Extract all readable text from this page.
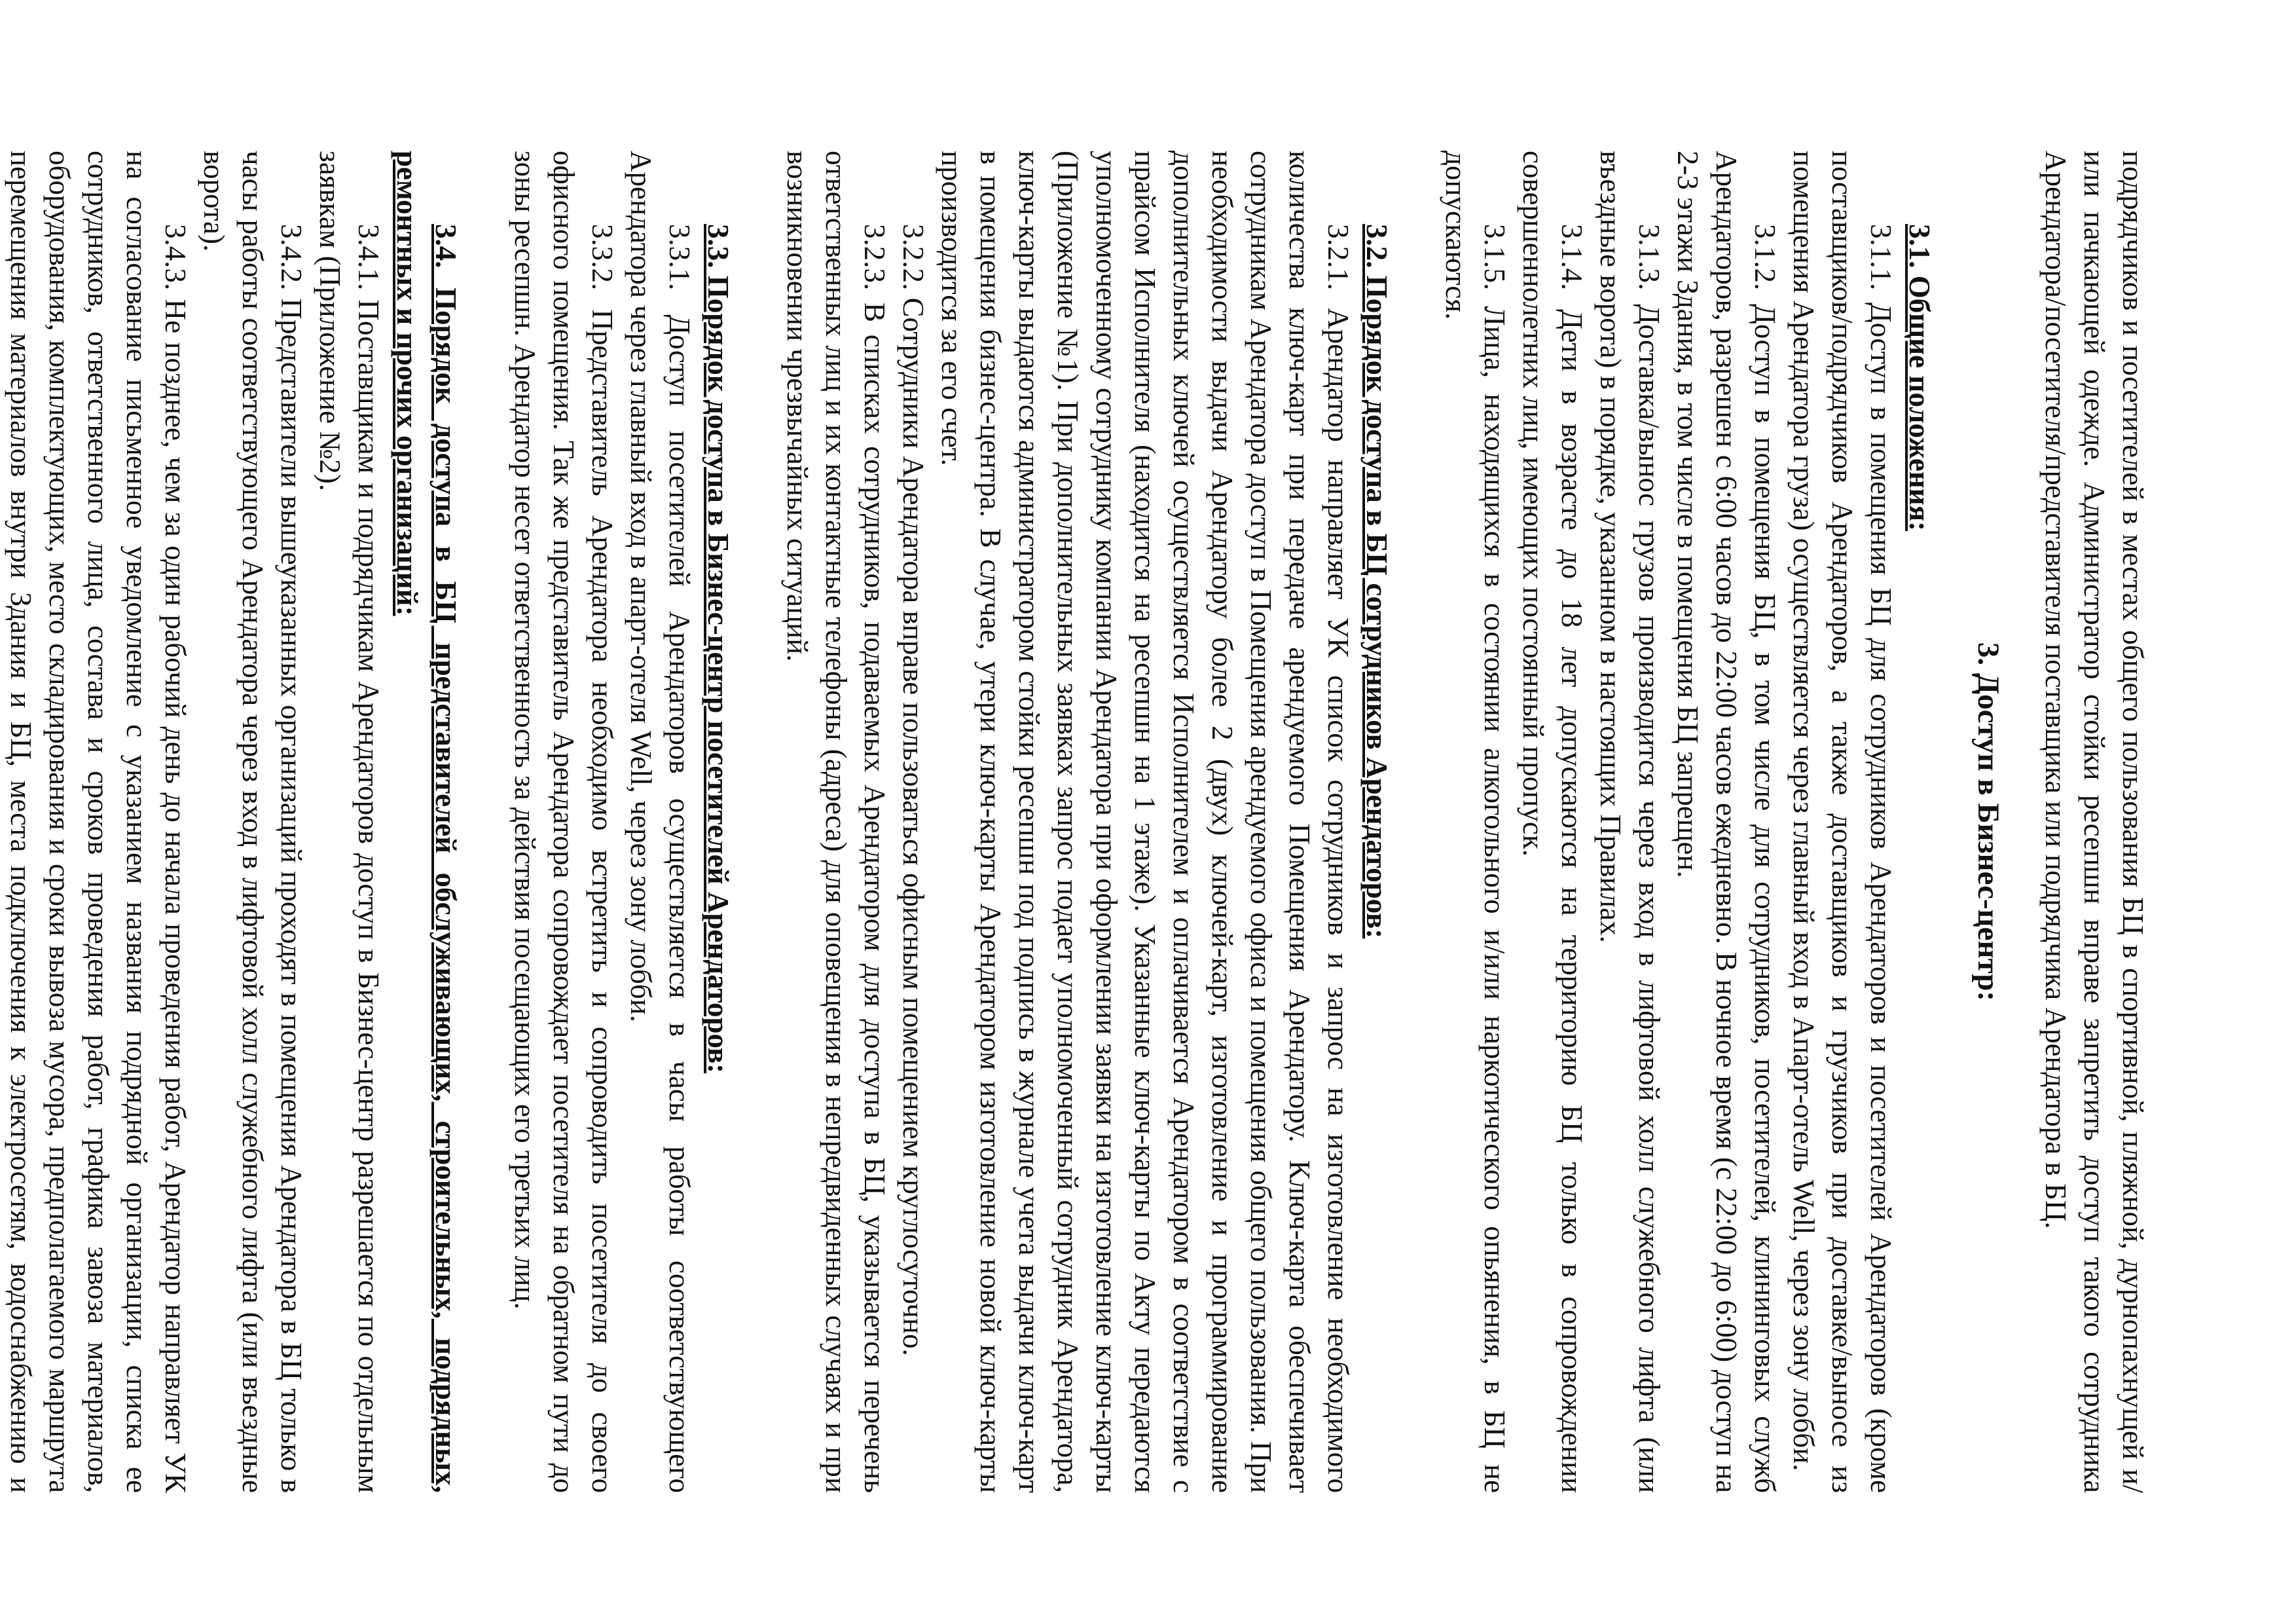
подрядчиков и посетителей в местах общего пользования БЦ в спортивной, пляжной, дурнопахнущей и/или пачкающей одежде. Администратор стойки ресепшн вправе запретить доступ такого сотрудника Арендатора/посетителя/представителя поставщика или подрядчика Арендатора в БЦ.

3. Доступ в Бизнес-центр:

3.1. Общие положения:

3.1.1. Доступ в помещения БЦ для сотрудников Арендаторов и посетителей Арендаторов (кроме поставщиков/подрядчиков Арендаторов, а также доставщиков и грузчиков при доставке/выносе из помещения Арендатора груза) осуществляется через главный вход в Апарт-отель Well, через зону лобби.

3.1.2. Доступ в помещения БЦ, в том числе для сотрудников, посетителей, клининговых служб Арендаторов, разрешен с 6:00 часов до 22:00 часов ежедневно. В ночное время (с 22:00 до 6:00) доступ на 2-3 этажи Здания, в том числе в помещения БЦ запрещен.

3.1.3. Доставка/вынос грузов производится через вход в лифтовой холл служебного лифта (или въездные ворота) в порядке, указанном в настоящих Правилах.

3.1.4. Дети в возрасте до 18 лет допускаются на территорию БЦ только в сопровождении совершеннолетних лиц, имеющих постоянный пропуск.

3.1.5. Лица, находящихся в состоянии алкогольного и/или наркотического опьянения, в БЦ не допускаются.

3.2. Порядок доступа в БЦ сотрудников Арендаторов:

3.2.1. Арендатор направляет УК список сотрудников и запрос на изготовление необходимого количества ключ-карт при передаче арендуемого Помещения Арендатору. Ключ-карта обеспечивает сотрудникам Арендатора доступ в Помещения арендуемого офиса и помещения общего пользования. При необходимости выдачи Арендатору более 2 (двух) ключей-карт, изготовление и программирование дополнительных ключей осуществляется Исполнителем и оплачивается Арендатором в соответствие с прайсом Исполнителя (находится на ресепшн на 1 этаже). Указанные ключ-карты по Акту передаются уполномоченному сотруднику компании Арендатора при оформлении заявки на изготовление ключ-карты (Приложение №1). При дополнительных заявках запрос подает уполномоченный сотрудник Арендатора, ключ-карты выдаются администратором стойки ресепшн под подпись в журнале учета выдачи ключ-карт в помещения бизнес-центра. В случае, утери ключ-карты Арендатором изготовление новой ключ-карты производится за его счет.

3.2.2. Сотрудники Арендатора вправе пользоваться офисным помещением круглосуточно.

3.2.3. В списках сотрудников, подаваемых Арендатором для доступа в БЦ, указывается перечень ответственных лиц и их контактные телефоны (адреса) для оповещения в непредвиденных случаях и при возникновении чрезвычайных ситуаций.

3.3. Порядок доступа в Бизнес-центр посетителей Арендаторов:

3.3.1. Доступ посетителей Арендаторов осуществляется в часы работы соответствующего Арендатора через главный вход в апарт-отеля Well, через зону лобби.

3.3.2. Представитель Арендатора необходимо встретить и сопроводить посетителя до своего офисного помещения. Так же представитель Арендатора сопровождает посетителя на обратном пути до зоны ресепшн. Арендатор несет ответственность за действия посещающих его третьих лиц.

3.4. Порядок доступа в БЦ представителей обслуживающих, строительных, подрядных, ремонтных и прочих организаций:

3.4.1. Поставщикам и подрядчикам Арендаторов доступ в Бизнес-центр разрешается по отдельным заявкам (Приложение №2).

3.4.2. Представители вышеуказанных организаций проходят в помещения Арендатора в БЦ только в часы работы соответствующего Арендатора через вход в лифтовой холл служебного лифта (или въездные ворота).

3.4.3. Не позднее, чем за один рабочий день до начала проведения работ, Арендатор направляет УК на согласование письменное уведомление с указанием названия подрядной организации, списка ее сотрудников, ответственного лица, состава и сроков проведения работ, графика завоза материалов, оборудования, комплектующих, место складирования и сроки вывоза мусора, предполагаемого маршрута перемещения материалов внутри Здания и БЦ, места подключения к электросетям, водоснабжению и
